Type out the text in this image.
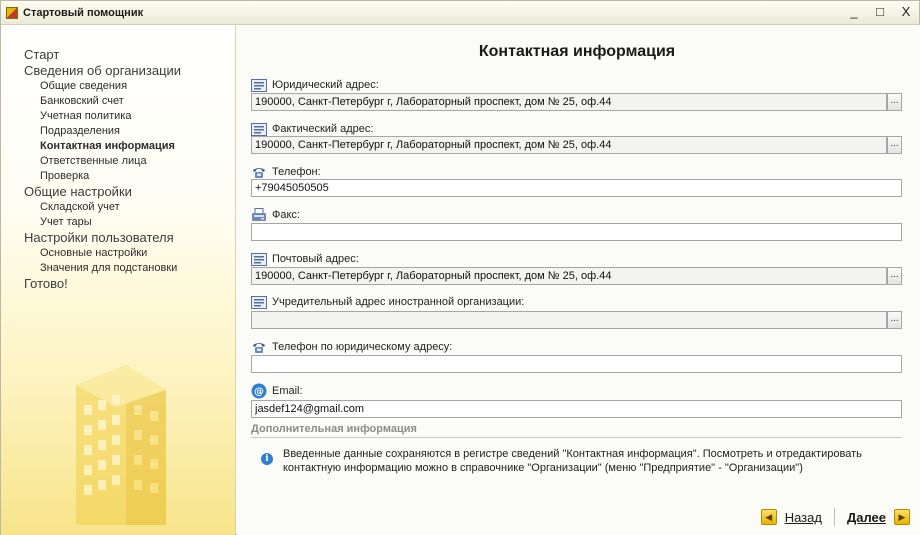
Стартовый помощник	_ □ X
Старт
Сведения об организации
Общие сведения
Банковский счет
Учетная политика
Подразделения
Контактная информация
Ответственные лица
Проверка
Общие настройки
Складской учет
Учет тары
Настройки пользователя
Основные настройки
Значения для подстановки
Готово!
Контактная информация
Юридический адрес:
190000, Санкт-Петербург г, Лабораторный проспект, дом № 25, оф.44
...
Фактический адрес:
190000, Санкт-Петербург г, Лабораторный проспект, дом № 25, оф.44
...
Телефон:
+79045050505
Факс:
Почтовый адрес:
190000, Санкт-Петербург г, Лабораторный проспект, дом № 25, оф.44
...
Учредительный адрес иностранной организации:
...
Телефон по юридическому адресу:
@ Email:
jasdef124@gmail.com
Дополнительная информация
i	Введенные данные сохраняются в регистре сведений "Контактная информация". Посмотреть и отредактировать контактную информацию можно в справочнике "Организации" (меню "Предприятие" - "Организации")
◀ Назад Далее	▶
